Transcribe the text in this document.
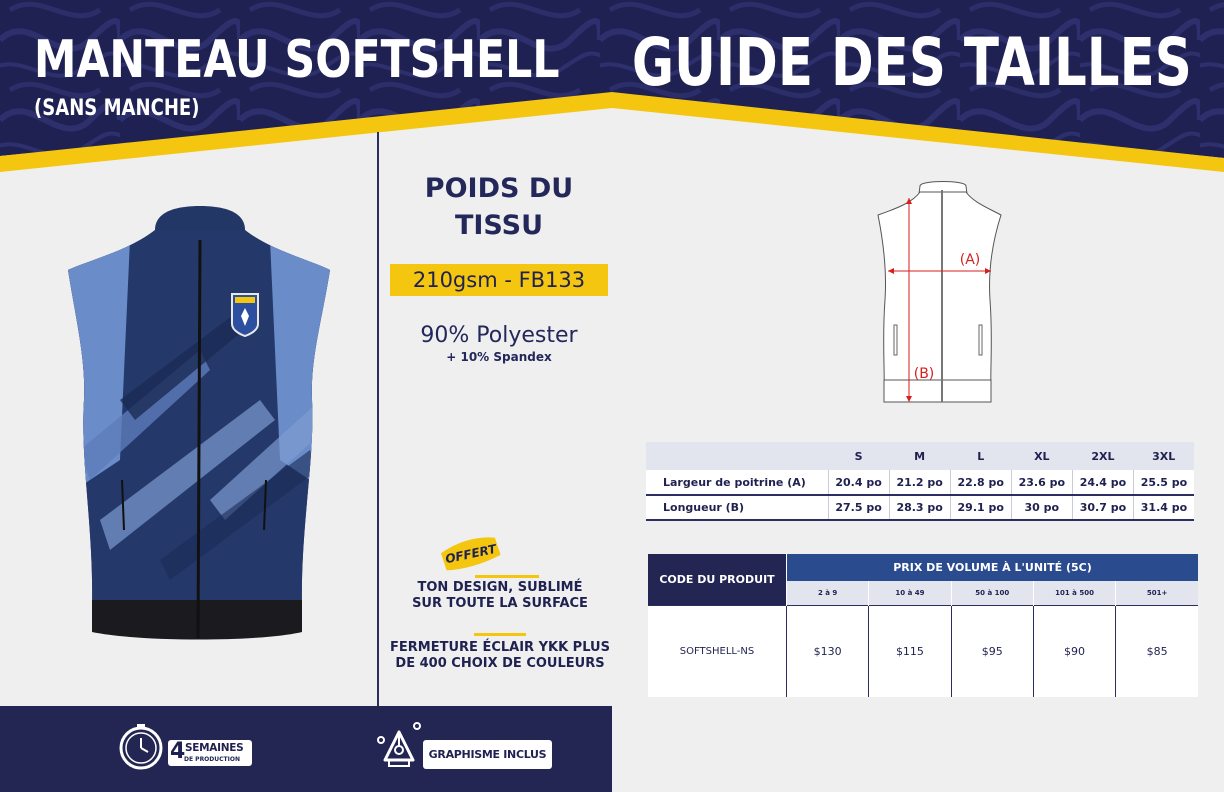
MANTEAU SOFTSHELL
(SANS MANCHE)
GUIDE DES TAILLES
POIDS DU TISSU
210gsm - FB133
90% Polyester
+ 10% Spandex
OFFERT
TON DESIGN, SUBLIMÉ
SUR TOUTE LA SURFACE
FERMETURE ÉCLAIR YKK PLUS
DE 400 CHOIX DE COULEURS
4 SEMAINES
DE PRODUCTION	GRAPHISME INCLUS
(A)
(B)
	S	M	L	XL	2XL	3XL
Largeur de poitrine (A)	20.4 po	21.2 po	22.8 po	23.6 po	24.4 po	25.5 po
Longueur (B)	27.5 po	28.3 po	29.1 po	30 po	30.7 po	31.4 po
CODE DU PRODUIT	PRIX DE VOLUME À L'UNITÉ (5C)				
	2 à 9	10 à 49	50 à 100	101 à 500	501+
SOFTSHELL-NS	$130	$115	$95	$90	$85
